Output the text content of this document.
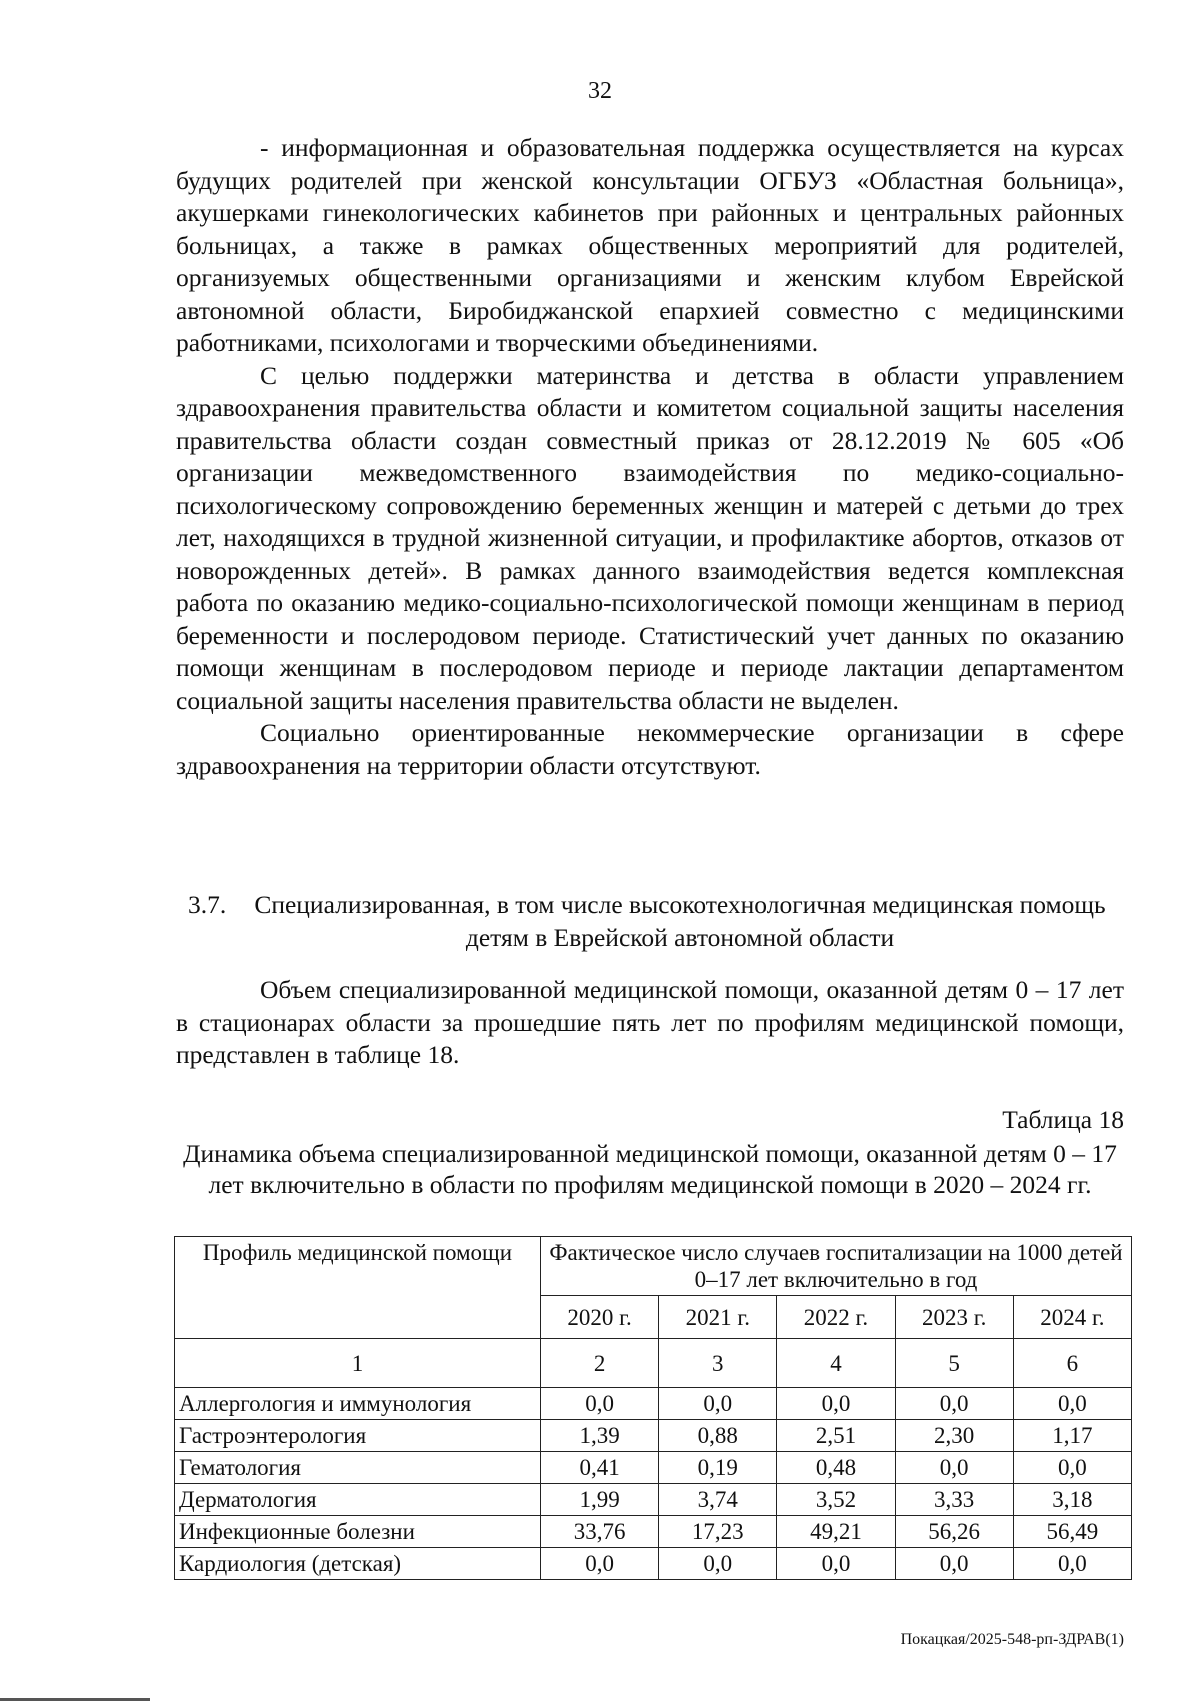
32

- информационная и образовательная поддержка осуществляется на курсах будущих родителей при женской консультации ОГБУЗ «Областная больница», акушерками гинекологических кабинетов при районных и центральных районных больницах, а также в рамках общественных мероприятий для родителей, организуемых общественными организациями и женским клубом Еврейской автономной области, Биробиджанской епархией совместно с медицинскими работниками, психологами и творческими объединениями.

С целью поддержки материнства и детства в области управлением здравоохранения правительства области и комитетом социальной защиты населения правительства области создан совместный приказ от 28.12.2019 № 605 «Об организации межведомственного взаимодействия по медико-социально-психологическому сопровождению беременных женщин и матерей с детьми до трех лет, находящихся в трудной жизненной ситуации, и профилактике абортов, отказов от новорожденных детей». В рамках данного взаимодействия ведется комплексная работа по оказанию медико-социально-психологической помощи женщинам в период беременности и послеродовом периоде. Статистический учет данных по оказанию помощи женщинам в послеродовом периоде и периоде лактации департаментом социальной защиты населения правительства области не выделен.

Социально ориентированные некоммерческие организации в сфере здравоохранения на территории области отсутствуют.

3.7.	Специализированная, в том числе высокотехнологичная медицинская помощь детям в Еврейской автономной области

Объем специализированной медицинской помощи, оказанной детям 0 – 17 лет в стационарах области за прошедшие пять лет по профилям медицинской помощи, представлен в таблице 18.

Таблица 18
Динамика объема специализированной медицинской помощи, оказанной детям 0 – 17 лет включительно в области по профилям медицинской помощи в 2020 – 2024 гг.
Профиль медицинской помощи	Фактическое число случаев госпитализации на 1000 детей 0–17 лет включительно в год				
	2020 г.	2021 г.	2022 г.	2023 г.	2024 г.
1	2	3	4	5	6
Аллергология и иммунология	0,0	0,0	0,0	0,0	0,0
Гастроэнтерология	1,39	0,88	2,51	2,30	1,17
Гематология	0,41	0,19	0,48	0,0	0,0
Дерматология	1,99	3,74	3,52	3,33	3,18
Инфекционные болезни	33,76	17,23	49,21	56,26	56,49
Кардиология (детская)	0,0	0,0	0,0	0,0	0,0
Покацкая/2025-548-рп-ЗДРАВ(1)
